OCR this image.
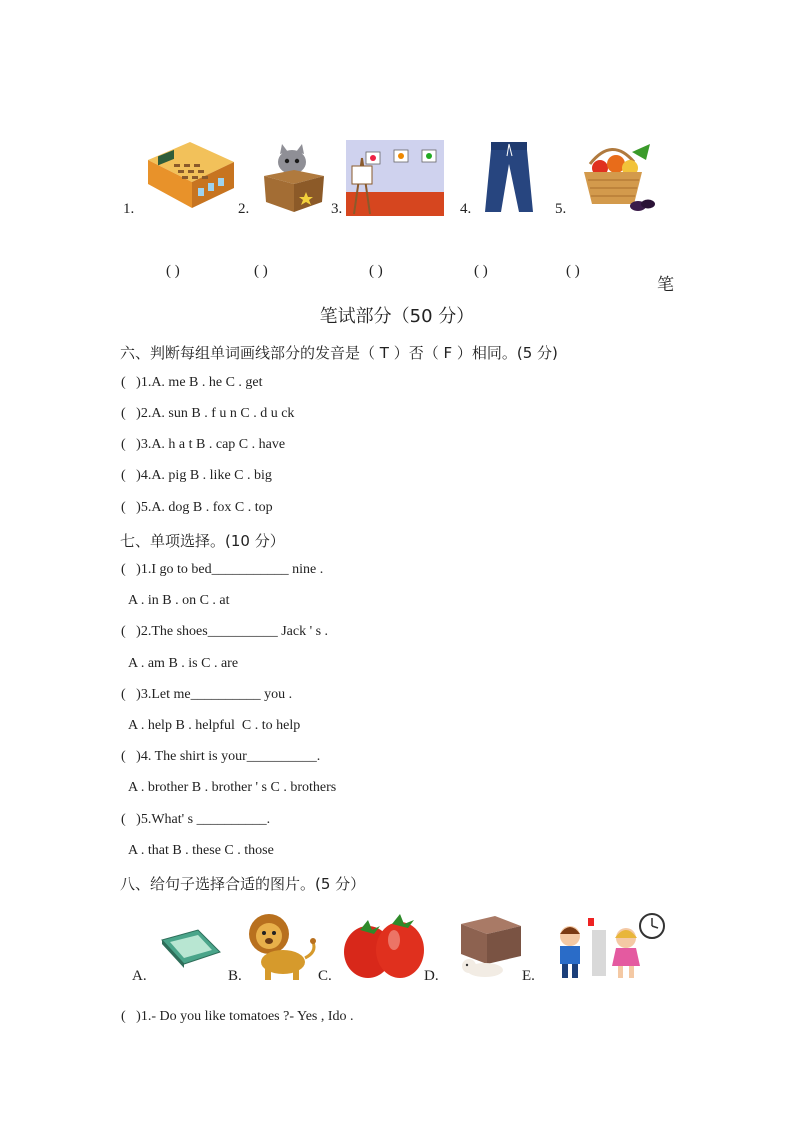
1.	2.	3.	4.	5.
( )	( )	( )	( )	( )
笔
笔试部分（50 分）
六、判断每组单词画线部分的发音是（ T ）否（ F ）相同。(5 分)
(   )1.A. me B . he C . get
(   )2.A. sun B . f u n C . d u ck
(   )3.A. h a t B . cap C . have
(   )4.A. pig B . like C . big
(   )5.A. dog B . fox C . top
七、单项选择。(10 分）
(   )1.I go to bed___________ nine .
A . in B . on C . at
(   )2.The shoes__________ Jack ' s .
A . am B . is C . are
(   )3.Let me__________ you .
A . help B . helpful  C . to help
(   )4. The shirt is your__________.
A . brother B . brother ' s C . brothers
(   )5.What' s __________.
A . that B . these C . those
八、给句子选择合适的图片。(5 分）
A.	B.	C.	D.	E.
(   )1.- Do you like tomatoes ?- Yes , Ido .
